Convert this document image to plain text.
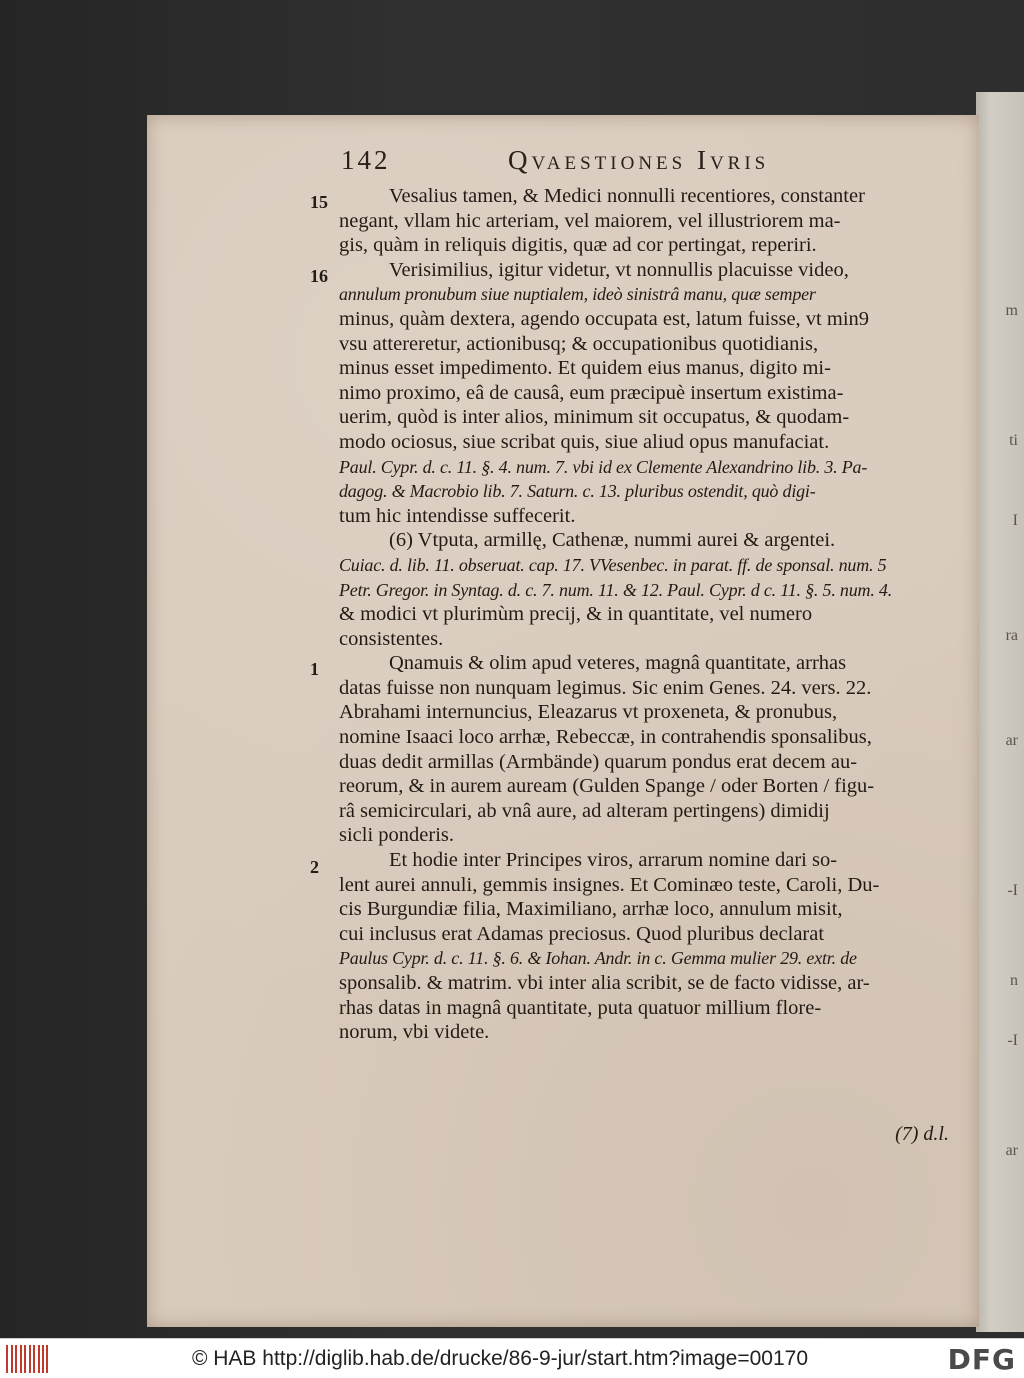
m
ti
I
ra
ar
-I
n
-I
ar
142	Qvaestiones Ivris
15
16
1
2
Vesalius tamen, & Medici nonnulli recentiores, constanter
negant, vllam hic arteriam, vel maiorem, vel illustriorem ma-
gis, quàm in reliquis digitis, quæ ad cor pertingat, reperiri.
Verisimilius, igitur videtur, vt nonnullis placuisse video,
annulum pronubum siue nuptialem, ideò sinistrâ manu, quæ semper
minus, quàm dextera, agendo occupata est, latum fuisse, vt min9
vsu attereretur, actionibusq; & occupationibus quotidianis,
minus esset impedimento. Et quidem eius manus, digito mi-
nimo proximo, eâ de causâ, eum præcipuè insertum existima-
uerim, quòd is inter alios, minimum sit occupatus, & quodam-
modo ociosus, siue scribat quis, siue aliud opus manufaciat.
Paul. Cypr. d. c. 11. §. 4. num. 7. vbi id ex Clemente Alexandrino lib. 3. Pa-
dagog. & Macrobio lib. 7. Saturn. c. 13. pluribus ostendit, quò digi-
tum hic intendisse suffecerit.
(6) Vtputa, armillę, Cathenæ, nummi aurei & argentei.
Cuiac. d. lib. 11. obseruat. cap. 17. VVesenbec. in parat. ff. de sponsal. num. 5
Petr. Gregor. in Syntag. d. c. 7. num. 11. & 12. Paul. Cypr. d c. 11. §. 5. num. 4.
& modici vt plurimùm precij, & in quantitate, vel numero
consistentes.
Qnamuis & olim apud veteres, magnâ quantitate, arrhas
datas fuisse non nunquam legimus. Sic enim Genes. 24. vers. 22.
Abrahami internuncius, Eleazarus vt proxeneta, & pronubus,
nomine Isaaci loco arrhæ, Rebeccæ, in contrahendis sponsalibus,
duas dedit armillas (Armbände) quarum pondus erat decem au-
reorum, & in aurem auream (Gulden Spange / oder Borten / figu-
râ semicirculari, ab vnâ aure, ad alteram pertingens) dimidij
sicli ponderis.
Et hodie inter Principes viros, arrarum nomine dari so-
lent aurei annuli, gemmis insignes. Et Cominæo teste, Caroli, Du-
cis Burgundiæ filia, Maximiliano, arrhæ loco, annulum misit,
cui inclusus erat Adamas preciosus. Quod pluribus declarat
Paulus Cypr. d. c. 11. §. 6. & Iohan. Andr. in c. Gemma mulier 29. extr. de
sponsalib. & matrim. vbi inter alia scribit, se de facto vidisse, ar-
rhas datas in magnâ quantitate, puta quatuor millium flore-
norum, vbi videte.
(7) d.l.
© HAB http://diglib.hab.de/drucke/86-9-jur/start.htm?image=00170	DFG
